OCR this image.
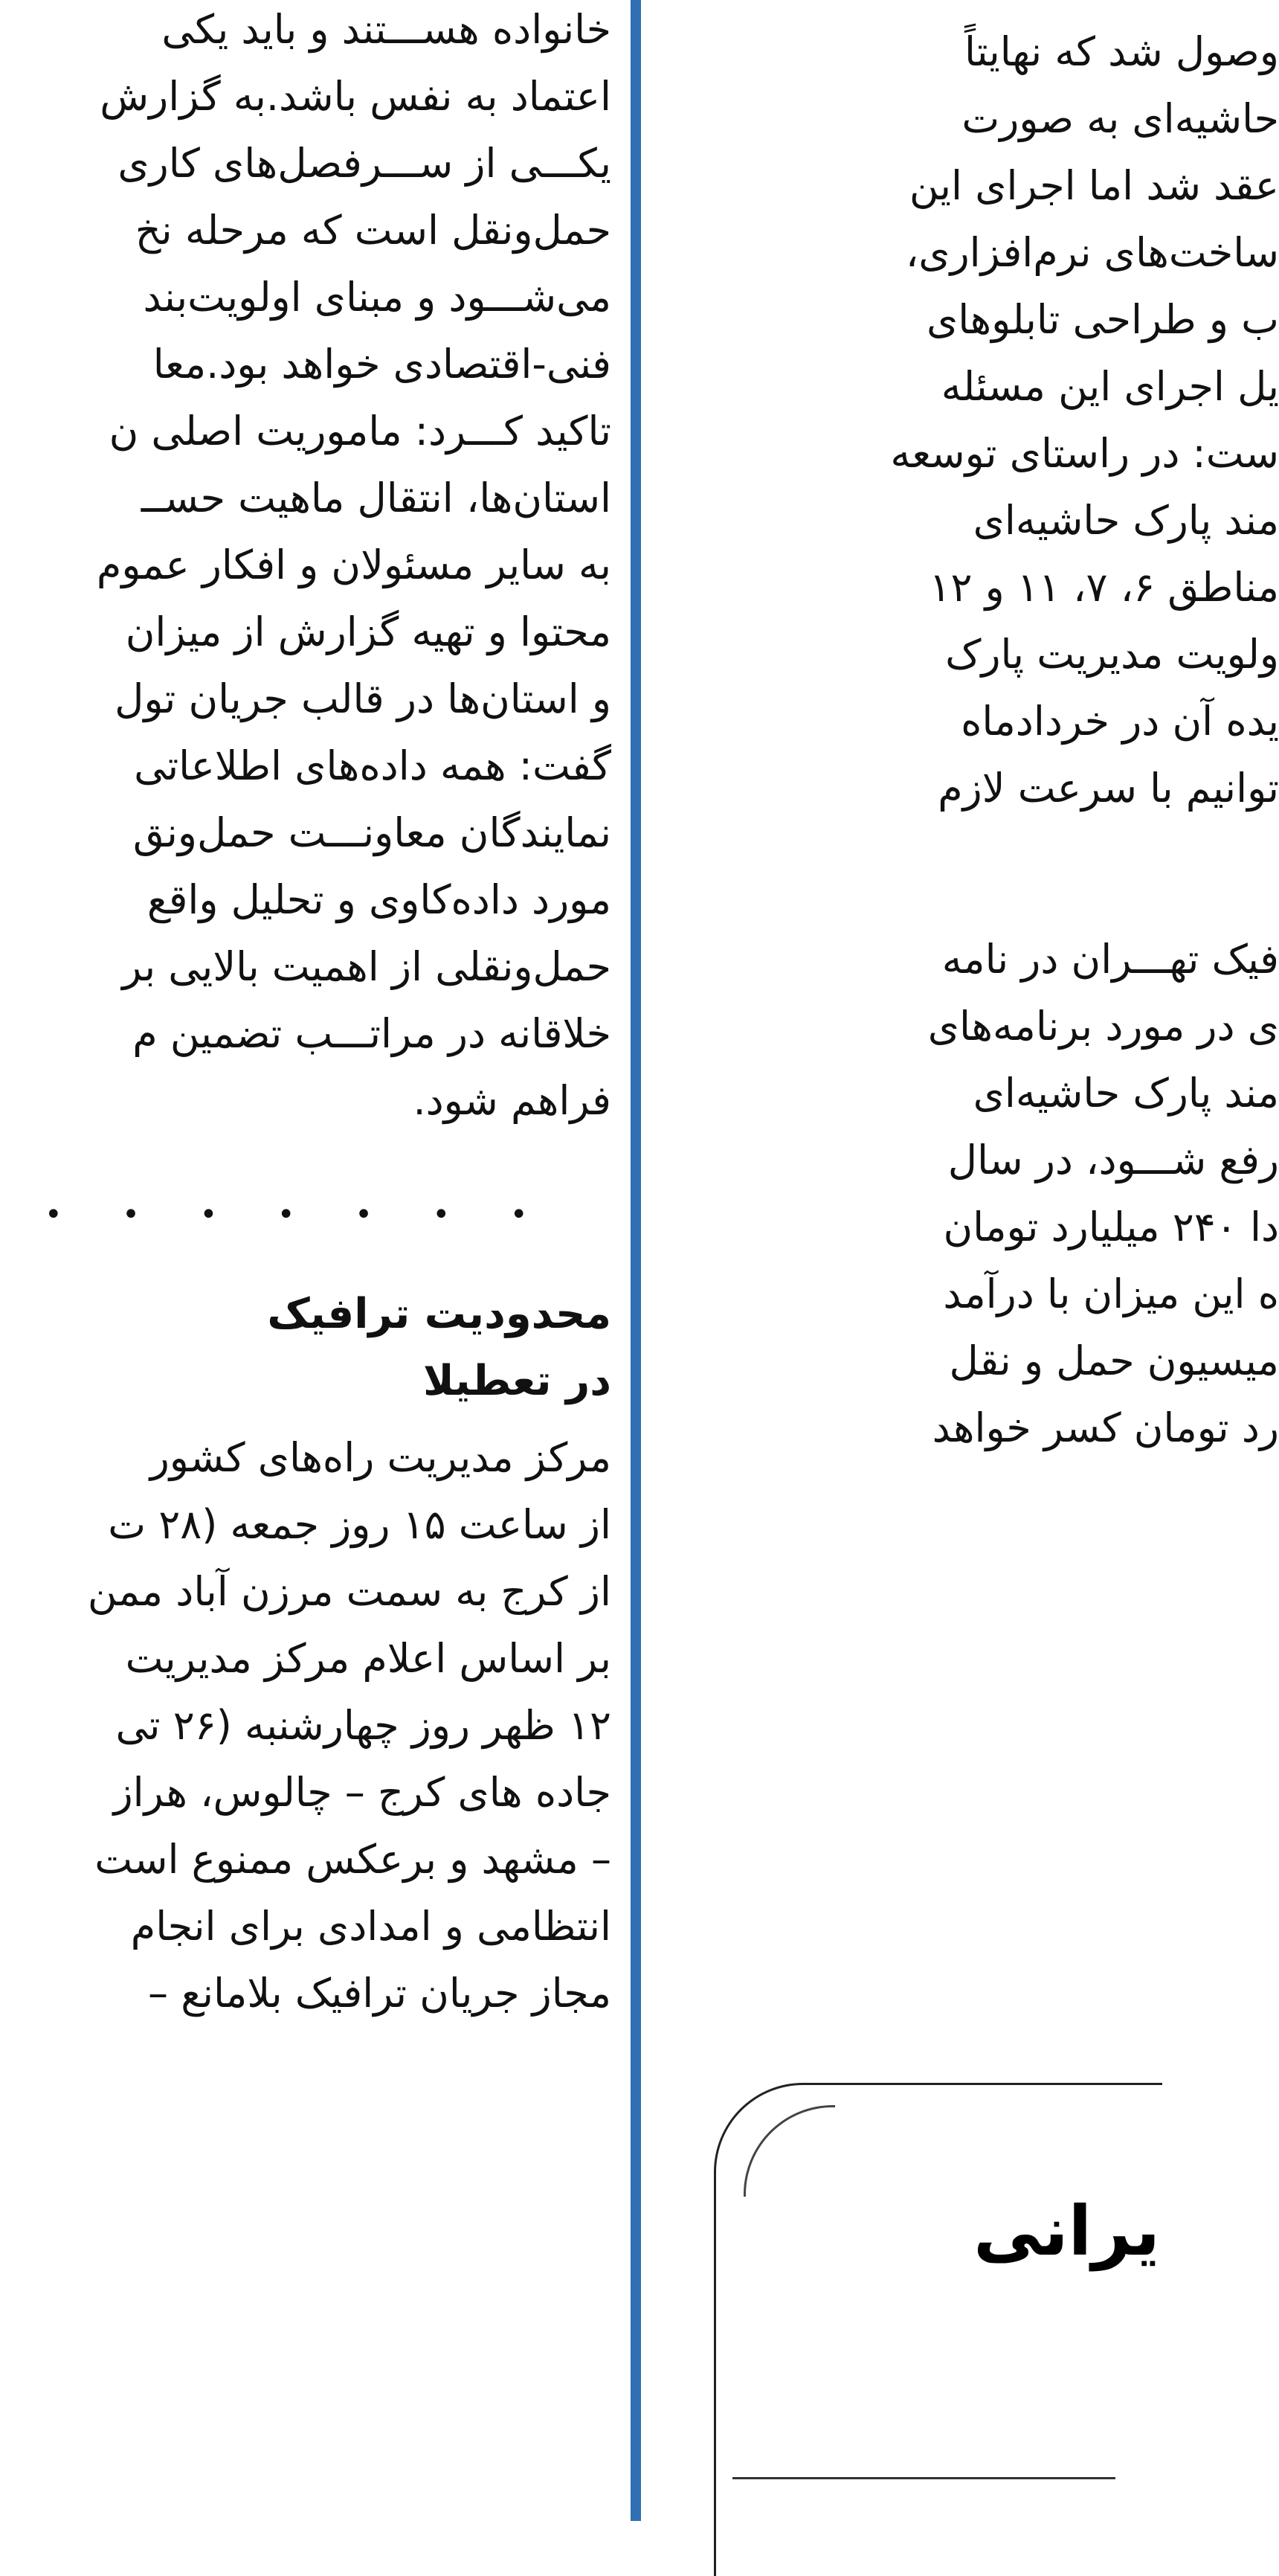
خانواده هســـتند و باید یکی
اعتماد به نفس باشد.به گزارش
یکـــی از ســـرفصل‌های کاری
حمل‌ونقل است که مرحله نخ
می‌شـــود و مبنای اولویت‌بند
فنی-اقتصادی خواهد بود.معا
تاکید کـــرد: ماموریت اصلی ن
استان‌ها، انتقال ماهیت حســ
به سایر مسئولان و افکار عموم
محتوا و تهیه گزارش از میزان
و استان‌ها در قالب جریان تول
گفت: همه داده‌های اطلاعاتی
نمایندگان معاونـــت حمل‌ونق
مورد داده‌کاوی و تحلیل واقع
حمل‌ونقلی از اهمیت بالایی بر
خلاقانه در مراتـــب تضمین م
فراهم شود.
• • • • • • •
محدودیت ترافیک
در تعطیلا
مرکز مدیریت راه‌های کشور
از ساعت ۱۵ روز جمعه (۲۸ ت
از کرج به سمت مرزن آباد ممن
بر اساس اعلام مرکز مدیریت
۱۲ ظهر روز چهارشنبه (۲۶ تی
جاده های کرج – چالوس، هراز
– مشهد و برعکس ممنوع است
انتظامی و امدادی برای انجام
مجاز جریان ترافیک بلامانع –
وصول شد که نهایتاً
حاشیه‌ای به صورت
عقد شد اما اجرای این
ساخت‌های نرم‌افزاری،
ب و طراحی تابلوهای
یل اجرای این مسئله
ست: در راستای توسعه
مند پارک حاشیه‌ای
مناطق ۶، ۷، ۱۱ و ۱۲
ولویت مدیریت پارک
یده آن در خردادماه
توانیم با سرعت لازم
فیک تهـــران در نامه
ی در مورد برنامه‌های
مند پارک حاشیه‌ای
رفع شـــود، در سال
دا ۲۴۰ میلیارد تومان
ه این میزان با درآمد
میسیون حمل و نقل
رد تومان کسر خواهد
یرانی
